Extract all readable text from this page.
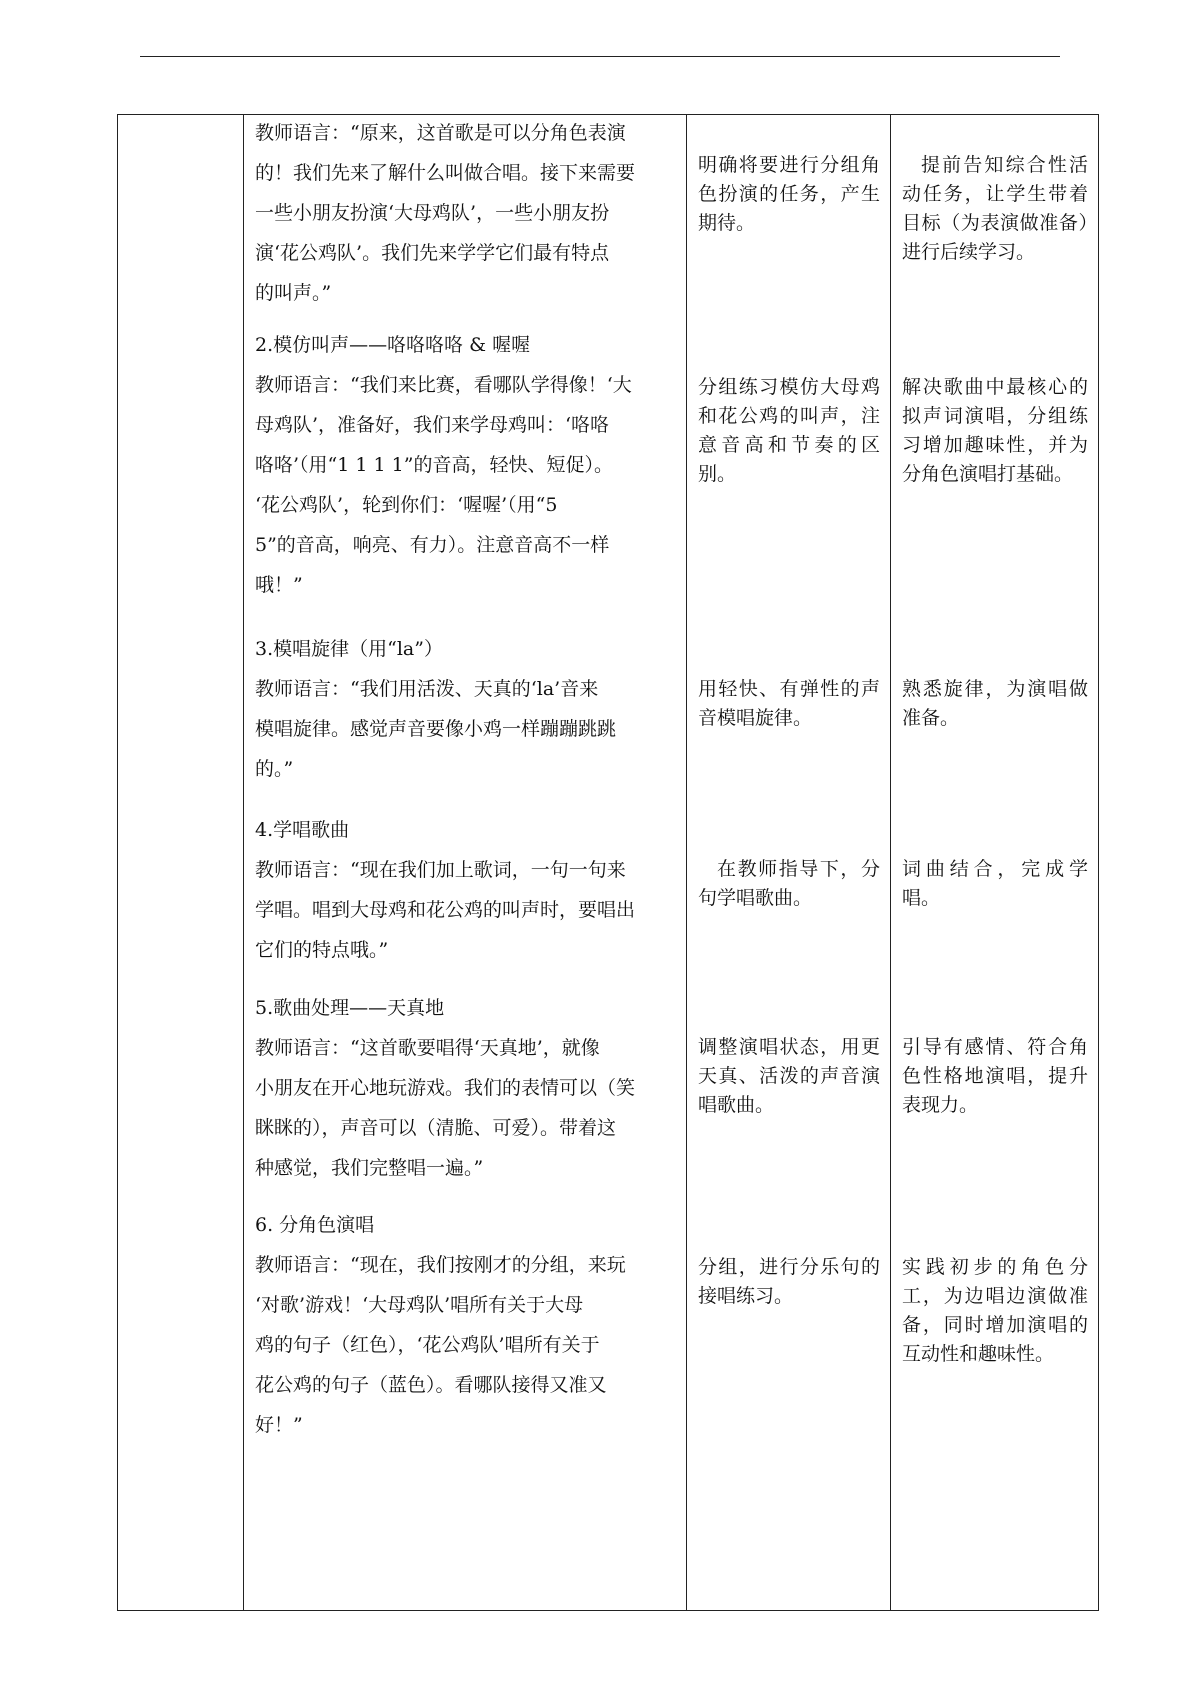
教师语言：“原来，这首歌是可以分角色表演

的！我们先来了解什么叫做合唱。接下来需要

一些小朋友扮演‘大母鸡队’，一些小朋友扮

演‘花公鸡队’。我们先来学学它们最有特点

的叫声。”

明确将要进行分组角色扮演的任务，产生期待。
提前告知综合性活动任务，让学生带着目标（为表演做准备）进行后续学习。

2.模仿叫声——咯咯咯咯 & 喔喔

教师语言：“我们来比赛，看哪队学得像！‘大

母鸡队’，准备好，我们来学母鸡叫：‘咯咯

咯咯’（用“1 1 1 1”的音高，轻快、短促）。

‘花公鸡队’，轮到你们：‘喔喔’（用“5

5”的音高，响亮、有力）。注意音高不一样

哦！”

分组练习模仿大母鸡和花公鸡的叫声，注意音高和节奏的区别。
解决歌曲中最核心的拟声词演唱，分组练习增加趣味性，并为分角色演唱打基础。

3.模唱旋律（用“la”）

教师语言：“我们用活泼、天真的‘la’音来

模唱旋律。感觉声音要像小鸡一样蹦蹦跳跳

的。”

用轻快、有弹性的声音模唱旋律。
熟悉旋律，为演唱做准备。

4.学唱歌曲

教师语言：“现在我们加上歌词，一句一句来

学唱。唱到大母鸡和花公鸡的叫声时，要唱出

它们的特点哦。”

在教师指导下，分句学唱歌曲。
词曲结合，完成学唱。

5.歌曲处理——天真地

教师语言：“这首歌要唱得‘天真地’，就像

小朋友在开心地玩游戏。我们的表情可以（笑

眯眯的），声音可以（清脆、可爱）。带着这

种感觉，我们完整唱一遍。”

调整演唱状态，用更天真、活泼的声音演唱歌曲。
引导有感情、符合角色性格地演唱，提升表现力。

6. 分角色演唱

教师语言：“现在，我们按刚才的分组，来玩

‘对歌’游戏！‘大母鸡队’唱所有关于大母

鸡的句子（红色），‘花公鸡队’唱所有关于

花公鸡的句子（蓝色）。看哪队接得又准又

好！”

分组，进行分乐句的接唱练习。
实践初步的角色分工，为边唱边演做准备，同时增加演唱的互动性和趣味性。
